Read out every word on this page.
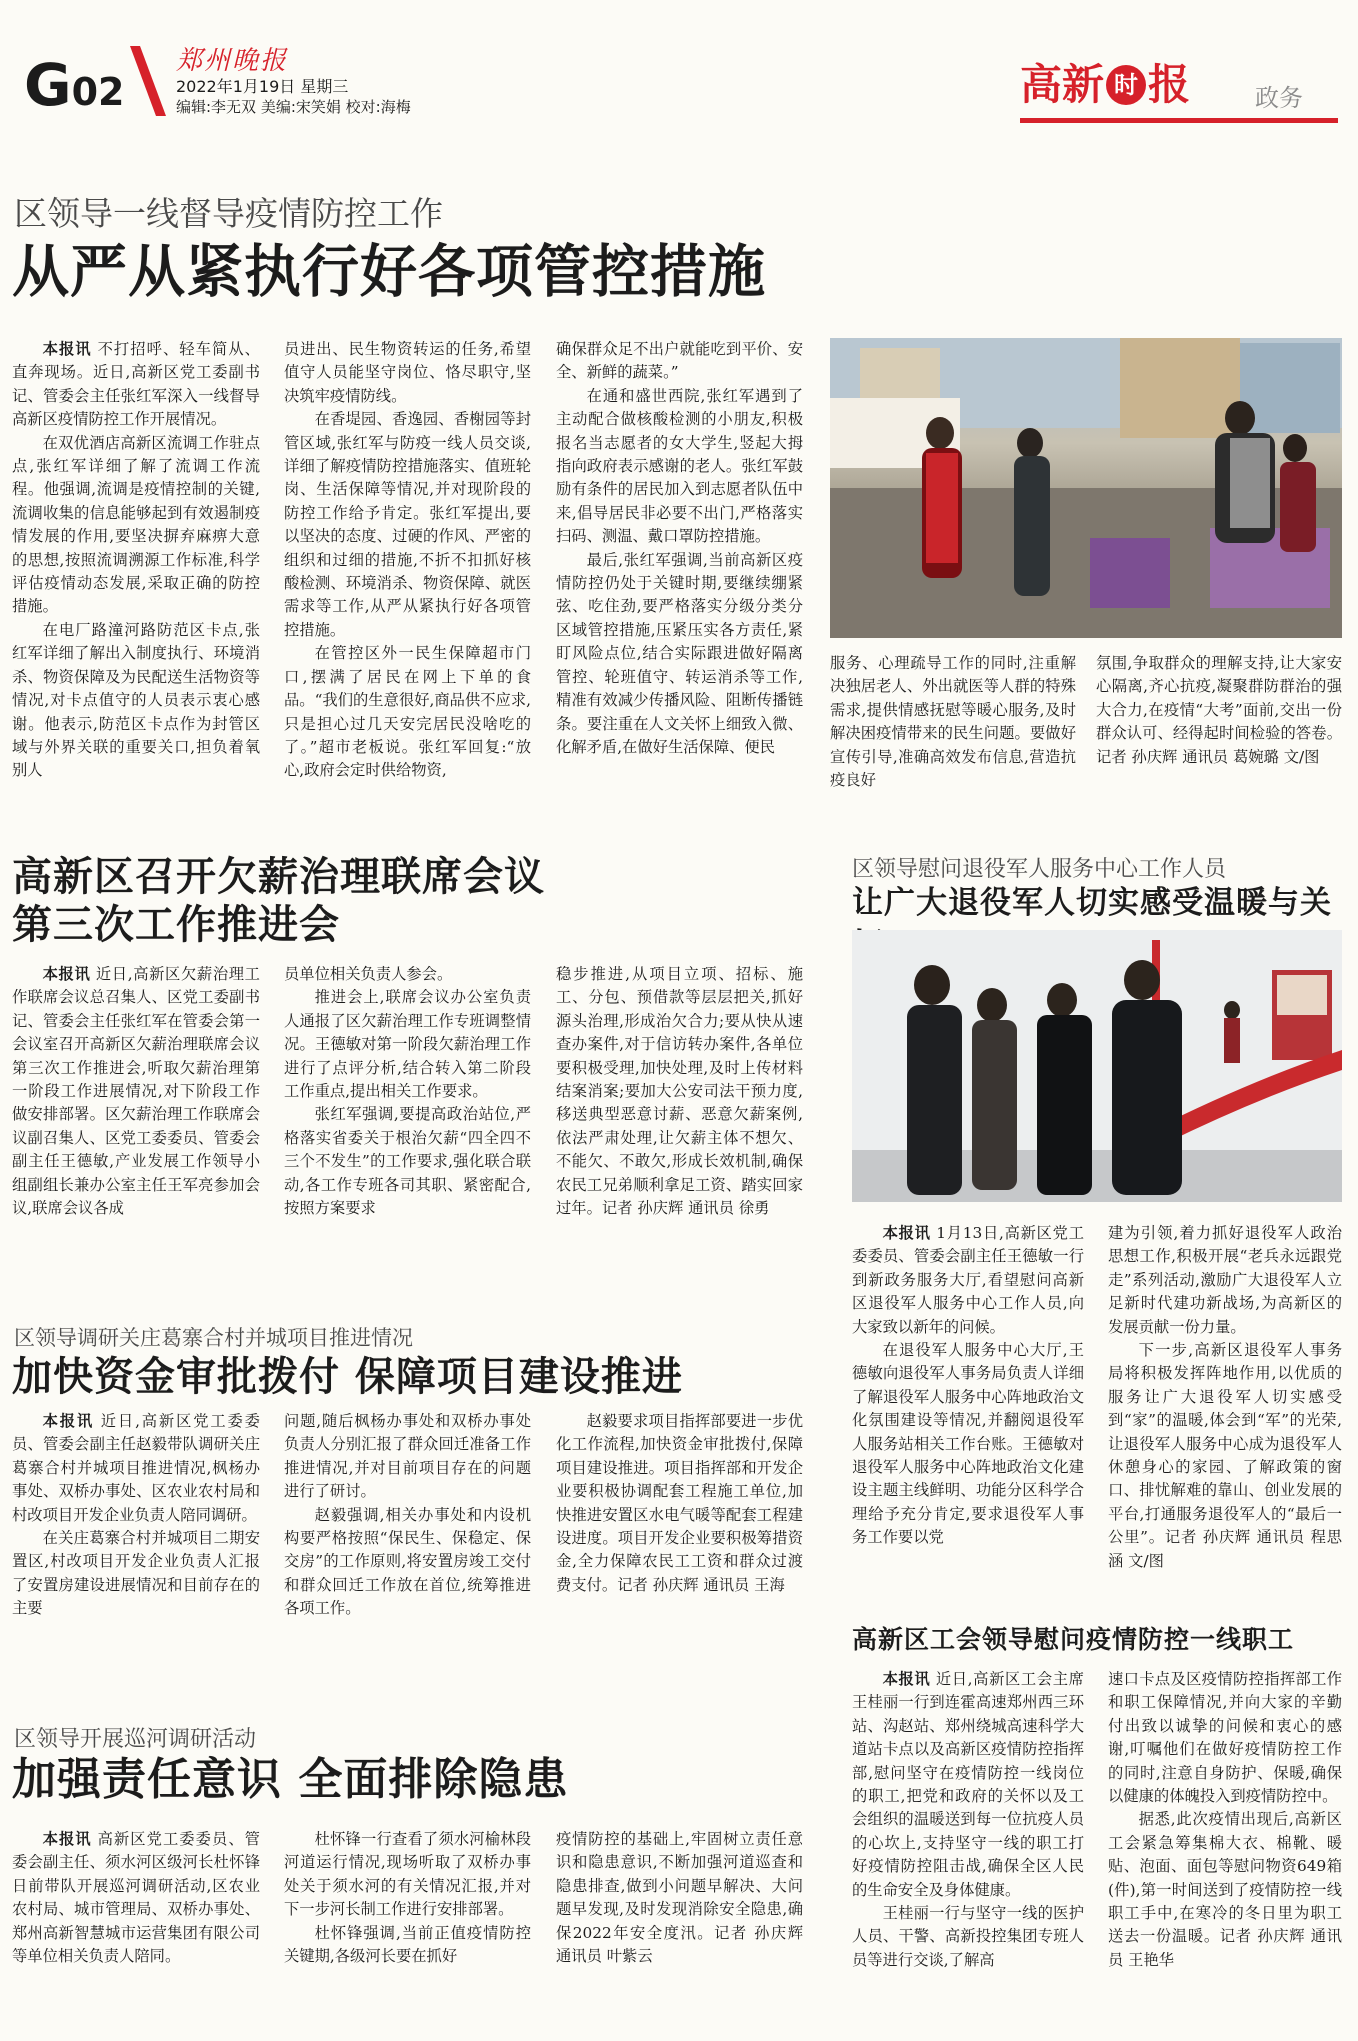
G02
郑州晚报
2022年1月19日 星期三
编辑:李无双 美编:宋笑娟 校对:海梅	高新 时 报	政务
区领导一线督导疫情防控工作
从严从紧执行好各项管控措施

本报讯 不打招呼、轻车简从、直奔现场。近日,高新区党工委副书记、管委会主任张红军深入一线督导高新区疫情防控工作开展情况。

在双优酒店高新区流调工作驻点点,张红军详细了解了流调工作流程。他强调,流调是疫情控制的关键,流调收集的信息能够起到有效遏制疫情发展的作用,要坚决摒弃麻痹大意的思想,按照流调溯源工作标准,科学评估疫情动态发展,采取正确的防控措施。

在电厂路潼河路防范区卡点,张红军详细了解出入制度执行、环境消杀、物资保障及为民配送生活物资等情况,对卡点值守的人员表示衷心感谢。他表示,防范区卡点作为封管区域与外界关联的重要关口,担负着氧别人

员进出、民生物资转运的任务,希望值守人员能坚守岗位、恪尽职守,坚决筑牢疫情防线。

在香堤园、香逸园、香榭园等封管区域,张红军与防疫一线人员交谈,详细了解疫情防控措施落实、值班轮岗、生活保障等情况,并对现阶段的防控工作给予肯定。张红军提出,要以坚决的态度、过硬的作风、严密的组织和过细的措施,不折不扣抓好核酸检测、环境消杀、物资保障、就医需求等工作,从严从紧执行好各项管控措施。

在管控区外一民生保障超市门口,摆满了居民在网上下单的食品。“我们的生意很好,商品供不应求,只是担心过几天安完居民没啥吃的了。”超市老板说。张红军回复:“放心,政府会定时供给物资,

确保群众足不出户就能吃到平价、安全、新鲜的蔬菜。”

在通和盛世西院,张红军遇到了主动配合做核酸检测的小朋友,积极报名当志愿者的女大学生,竖起大拇指向政府表示感谢的老人。张红军鼓励有条件的居民加入到志愿者队伍中来,倡导居民非必要不出门,严格落实扫码、测温、戴口罩防控措施。

最后,张红军强调,当前高新区疫情防控仍处于关键时期,要继续绷紧弦、吃住劲,要严格落实分级分类分区域管控措施,压紧压实各方责任,紧盯风险点位,结合实际跟进做好隔离管控、轮班值守、转运消杀等工作,精准有效减少传播风险、阻断传播链条。要注重在人文关怀上细致入微、化解矛盾,在做好生活保障、便民

服务、心理疏导工作的同时,注重解决独居老人、外出就医等人群的特殊需求,提供情感抚慰等暖心服务,及时解决困疫情带来的民生问题。要做好宣传引导,准确高效发布信息,营造抗疫良好

氛围,争取群众的理解支持,让大家安心隔离,齐心抗疫,凝聚群防群治的强大合力,在疫情“大考”面前,交出一份群众认可、经得起时间检验的答卷。记者 孙庆辉 通讯员 葛婉璐 文/图

高新区召开欠薪治理联席会议
第三次工作推进会

本报讯 近日,高新区欠薪治理工作联席会议总召集人、区党工委副书记、管委会主任张红军在管委会第一会议室召开高新区欠薪治理联席会议第三次工作推进会,听取欠薪治理第一阶段工作进展情况,对下阶段工作做安排部署。区欠薪治理工作联席会议副召集人、区党工委委员、管委会副主任王德敏,产业发展工作领导小组副组长兼办公室主任王军亮参加会议,联席会议各成

员单位相关负责人参会。

推进会上,联席会议办公室负责人通报了区欠薪治理工作专班调整情况。王德敏对第一阶段欠薪治理工作进行了点评分析,结合转入第二阶段工作重点,提出相关工作要求。

张红军强调,要提高政治站位,严格落实省委关于根治欠薪“四全四不三个不发生”的工作要求,强化联合联动,各工作专班各司其职、紧密配合,按照方案要求

稳步推进,从项目立项、招标、施工、分包、预借款等层层把关,抓好源头治理,形成治欠合力;要从快从速查办案件,对于信访转办案件,各单位要积极受理,加快处理,及时上传材料结案消案;要加大公安司法干预力度,移送典型恶意讨薪、恶意欠薪案例,依法严肃处理,让欠薪主体不想欠、不能欠、不敢欠,形成长效机制,确保农民工兄弟顺利拿足工资、踏实回家过年。记者 孙庆辉 通讯员 徐勇

区领导慰问退役军人服务中心工作人员
让广大退役军人切实感受温暖与关

本报讯 1月13日,高新区党工委委员、管委会副主任王德敏一行到新政务服务大厅,看望慰问高新区退役军人服务中心工作人员,向大家致以新年的问候。

在退役军人服务中心大厅,王德敏向退役军人事务局负责人详细了解退役军人服务中心阵地政治文化氛围建设等情况,并翻阅退役军人服务站相关工作台账。王德敏对退役军人服务中心阵地政治文化建设主题主线鲜明、功能分区科学合理给予充分肯定,要求退役军人事务工作要以党

建为引领,着力抓好退役军人政治思想工作,积极开展“老兵永远跟党走”系列活动,激励广大退役军人立足新时代建功新战场,为高新区的发展贡献一份力量。

下一步,高新区退役军人事务局将积极发挥阵地作用,以优质的服务让广大退役军人切实感受到“家”的温暖,体会到“军”的光荣,让退役军人服务中心成为退役军人休憩身心的家园、了解政策的窗口、排忧解难的靠山、创业发展的平台,打通服务退役军人的“最后一公里”。记者 孙庆辉 通讯员 程思涵 文/图

区领导调研关庄葛寨合村并城项目推进情况
加快资金审批拨付 保障项目建设推进

本报讯 近日,高新区党工委委员、管委会副主任赵毅带队调研关庄葛寨合村并城项目推进情况,枫杨办事处、双桥办事处、区农业农村局和村改项目开发企业负责人陪同调研。

在关庄葛寨合村并城项目二期安置区,村改项目开发企业负责人汇报了安置房建设进展情况和目前存在的主要

问题,随后枫杨办事处和双桥办事处负责人分别汇报了群众回迁准备工作推进情况,并对目前项目存在的问题进行了研讨。

赵毅强调,相关办事处和内设机构要严格按照“保民生、保稳定、保交房”的工作原则,将安置房竣工交付和群众回迁工作放在首位,统筹推进各项工作。

赵毅要求项目指挥部要进一步优化工作流程,加快资金审批拨付,保障项目建设推进。项目指挥部和开发企业要积极协调配套工程施工单位,加快推进安置区水电气暖等配套工程建设进度。项目开发企业要积极筹措资金,全力保障农民工工资和群众过渡费支付。记者 孙庆辉 通讯员 王海

高新区工会领导慰问疫情防控一线职工

本报讯 近日,高新区工会主席王桂丽一行到连霍高速郑州西三环站、沟赵站、郑州绕城高速科学大道站卡点以及高新区疫情防控指挥部,慰问坚守在疫情防控一线岗位的职工,把党和政府的关怀以及工会组织的温暖送到每一位抗疫人员的心坎上,支持坚守一线的职工打好疫情防控阻击战,确保全区人民的生命安全及身体健康。

王桂丽一行与坚守一线的医护人员、干警、高新投控集团专班人员等进行交谈,了解高

速口卡点及区疫情防控指挥部工作和职工保障情况,并向大家的辛勤付出致以诚挚的问候和衷心的感谢,叮嘱他们在做好疫情防控工作的同时,注意自身防护、保暖,确保以健康的体魄投入到疫情防控中。

据悉,此次疫情出现后,高新区工会紧急筹集棉大衣、棉靴、暖贴、泡面、面包等慰问物资649箱(件),第一时间送到了疫情防控一线职工手中,在寒冷的冬日里为职工送去一份温暖。记者 孙庆辉 通讯员 王艳华

区领导开展巡河调研活动
加强责任意识 全面排除隐患

本报讯 高新区党工委委员、管委会副主任、须水河区级河长杜怀锋日前带队开展巡河调研活动,区农业农村局、城市管理局、双桥办事处、郑州高新智慧城市运营集团有限公司等单位相关负责人陪同。

杜怀锋一行查看了须水河榆林段河道运行情况,现场听取了双桥办事处关于须水河的有关情况汇报,并对下一步河长制工作进行安排部署。

杜怀锋强调,当前正值疫情防控关键期,各级河长要在抓好

疫情防控的基础上,牢固树立责任意识和隐患意识,不断加强河道巡查和隐患排查,做到小问题早解决、大问题早发现,及时发现消除安全隐患,确保2022年安全度汛。记者 孙庆辉 通讯员 叶紫云
